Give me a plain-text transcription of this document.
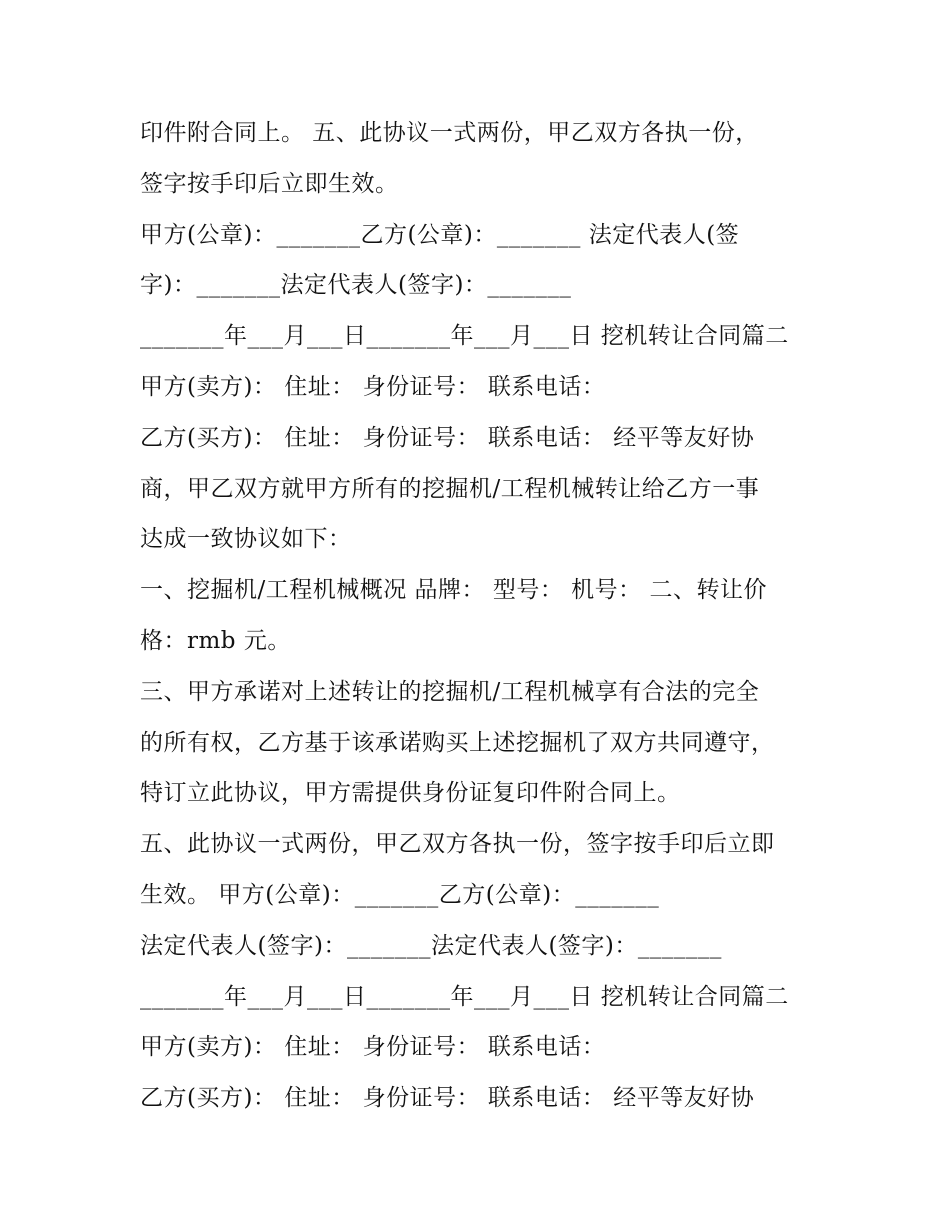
印件附合同上。 五、此协议一式两份，甲乙双方各执一份，
签字按手印后立即生效。
甲方(公章)：_______乙方(公章)：_______ 法定代表人(签
字)：_______法定代表人(签字)：_______
_______年___月___日_______年___月___日 挖机转让合同篇二
甲方(卖方)： 住址： 身份证号： 联系电话：
乙方(买方)： 住址： 身份证号： 联系电话： 经平等友好协
商，甲乙双方就甲方所有的挖掘机/工程机械转让给乙方一事
达成一致协议如下：
一、挖掘机/工程机械概况 品牌： 型号： 机号： 二、转让价
格：rmb 元。
三、甲方承诺对上述转让的挖掘机/工程机械享有合法的完全
的所有权，乙方基于该承诺购买上述挖掘机了双方共同遵守，
特订立此协议，甲方需提供身份证复印件附合同上。
五、此协议一式两份，甲乙双方各执一份，签字按手印后立即
生效。 甲方(公章)：_______乙方(公章)：_______
法定代表人(签字)：_______法定代表人(签字)：_______
_______年___月___日_______年___月___日 挖机转让合同篇二
甲方(卖方)： 住址： 身份证号： 联系电话：
乙方(买方)： 住址： 身份证号： 联系电话： 经平等友好协
